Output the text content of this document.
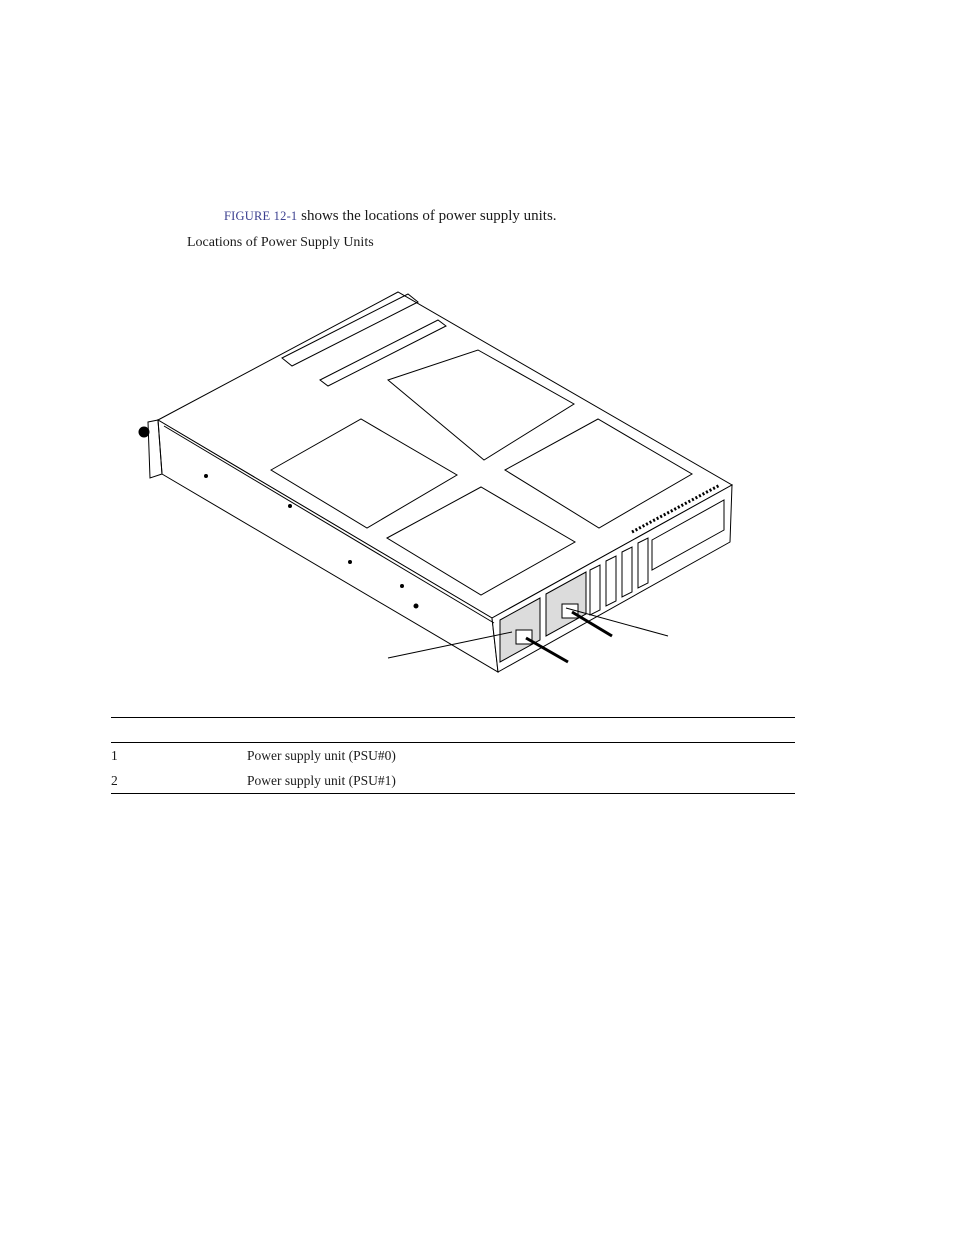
FIGURE 12-1 shows the locations of power supply units.

Locations of Power Supply Units
1	Power supply unit (PSU#0)
2	Power supply unit (PSU#1)
